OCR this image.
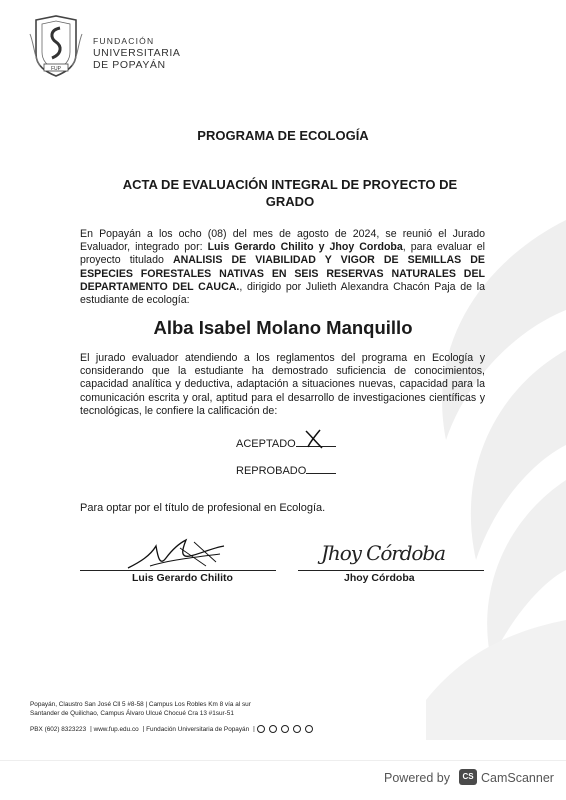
FUP
FUNDACIÓN
UNIVERSITARIA
DE POPAYÁN
PROGRAMA DE ECOLOGÍA
ACTA DE EVALUACIÓN INTEGRAL DE PROYECTO DE GRADO
En Popayán a los ocho (08) del mes de agosto de 2024, se reunió el Jurado Evaluador, integrado por: Luis Gerardo Chilito y Jhoy Cordoba, para evaluar el proyecto titulado ANALISIS DE VIABILIDAD Y VIGOR DE SEMILLAS DE ESPECIES FORESTALES NATIVAS EN SEIS RESERVAS NATURALES DEL DEPARTAMENTO DEL CAUCA., dirigido por Julieth Alexandra Chacón Paja de la estudiante de ecología:
Alba Isabel Molano Manquillo
El jurado evaluador atendiendo a los reglamentos del programa en Ecología y considerando que la estudiante ha demostrado suficiencia de conocimientos, capacidad analítica y deductiva, adaptación a situaciones nuevas, capacidad para la comunicación escrita y oral, aptitud para el desarrollo de investigaciones científicas y tecnológicas, le confiere la calificación de:
ACEPTADO
REPROBADO
Para optar por el título de profesional en Ecología.
Jhoy Córdoba
Luis Gerardo Chilito	Jhoy Córdoba
Popayán, Claustro San José Cll 5 #8-58 | Campus Los Robles Km 8 vía al sur
Santander de Quilichao, Campus Álvaro Ulcué Chocué Cra 13 #1sur-51
PBX (602) 8323223 | www.fup.edu.co | Fundación Universitaria de Popayán |
Powered by	CS CamScanner
